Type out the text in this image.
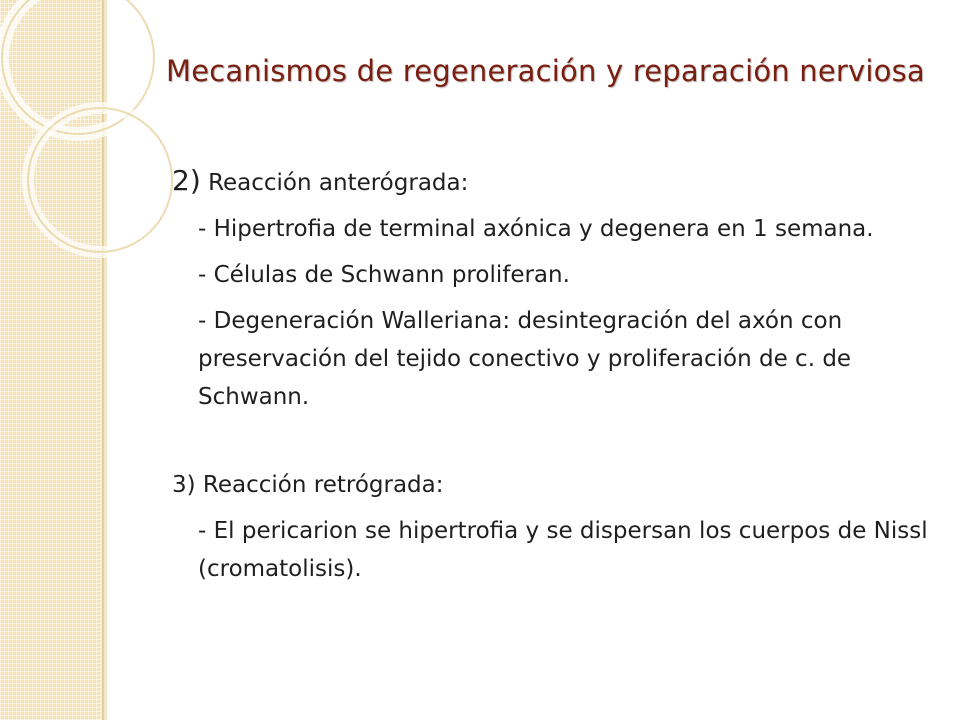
Mecanismos de regeneración y reparación nerviosa

2) Reacción anterógrada:

- Hipertrofia de terminal axónica y degenera en 1 semana.

- Células de Schwann proliferan.

- Degeneración Walleriana: desintegración del axón con preservación del tejido conectivo y proliferación de c. de Schwann.

3) Reacción retrógrada:

- El pericarion se hipertrofia y se dispersan los cuerpos de Nissl (cromatolisis).
